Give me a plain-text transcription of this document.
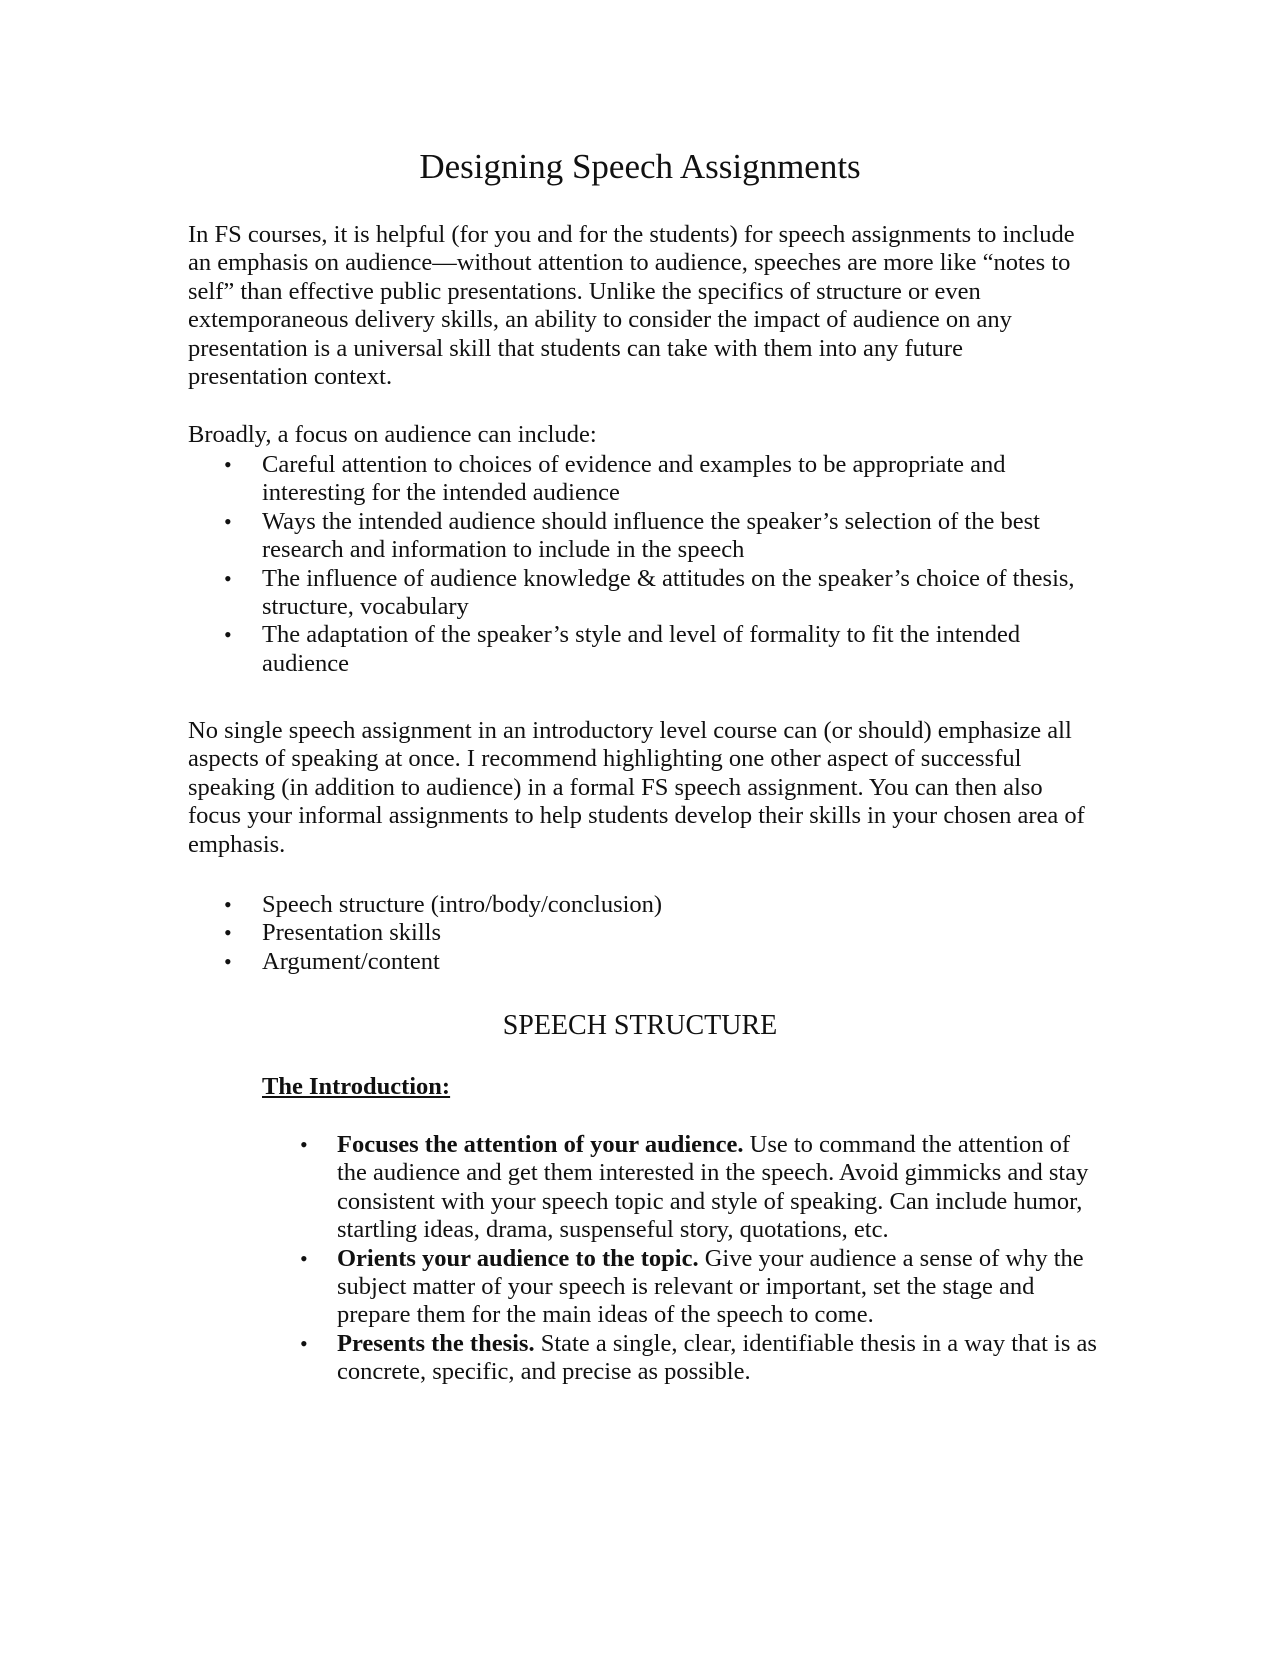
Designing Speech Assignments

In FS courses, it is helpful (for you and for the students) for speech assignments to include an emphasis on audience—without attention to audience, speeches are more like “notes to self” than effective public presentations. Unlike the specifics of structure or even extemporaneous delivery skills, an ability to consider the impact of audience on any presentation is a universal skill that students can take with them into any future presentation context.

Broadly, a focus on audience can include:

• Careful attention to choices of evidence and examples to be appropriate and interesting for the intended audience
• Ways the intended audience should influence the speaker’s selection of the best research and information to include in the speech
• The influence of audience knowledge & attitudes on the speaker’s choice of thesis, structure, vocabulary
• The adaptation of the speaker’s style and level of formality to fit the intended audience

No single speech assignment in an introductory level course can (or should) emphasize all aspects of speaking at once. I recommend highlighting one other aspect of successful speaking (in addition to audience) in a formal FS speech assignment. You can then also focus your informal assignments to help students develop their skills in your chosen area of emphasis.

• Speech structure (intro/body/conclusion)
• Presentation skills
• Argument/content
SPEECH STRUCTURE
The Introduction:
• Focuses the attention of your audience. Use to command the attention of the audience and get them interested in the speech. Avoid gimmicks and stay consistent with your speech topic and style of speaking. Can include humor, startling ideas, drama, suspenseful story, quotations, etc.
• Orients your audience to the topic. Give your audience a sense of why the subject matter of your speech is relevant or important, set the stage and prepare them for the main ideas of the speech to come.
• Presents the thesis. State a single, clear, identifiable thesis in a way that is as concrete, specific, and precise as possible.
